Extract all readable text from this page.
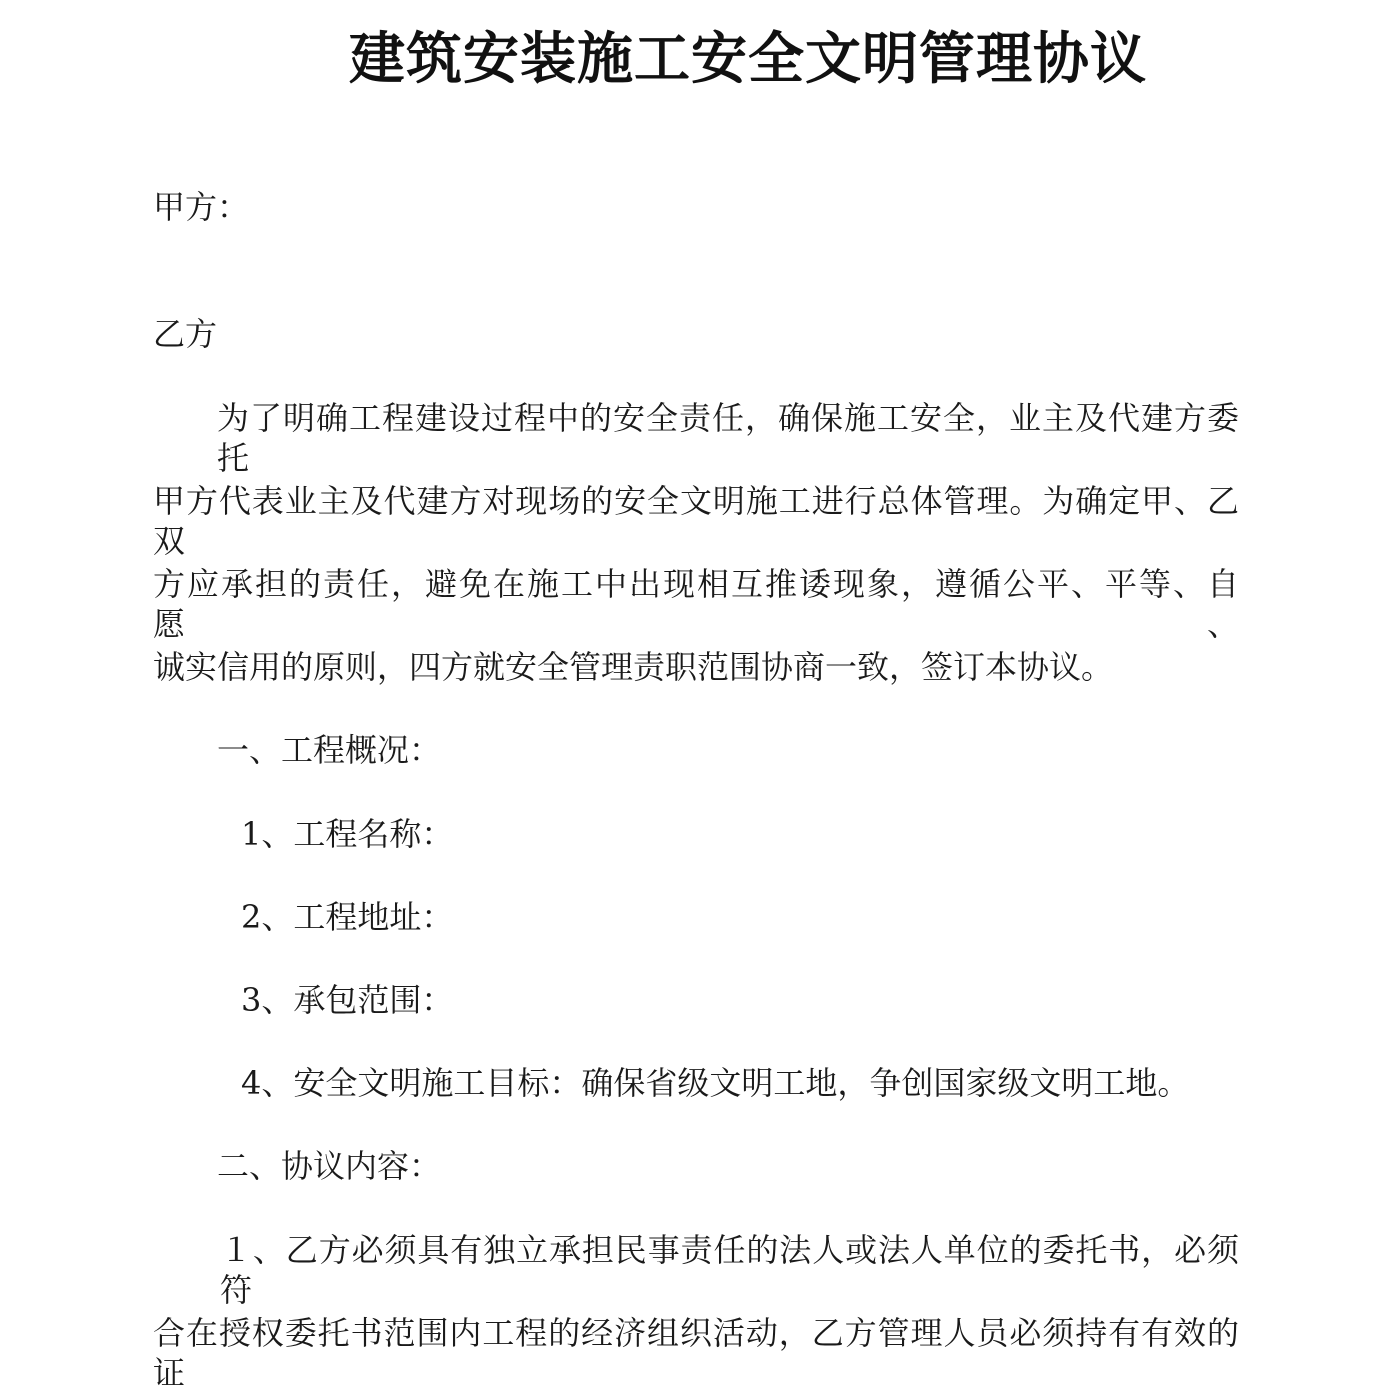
建筑安装施工安全文明管理协议

甲方：

乙方

为了明确工程建设过程中的安全责任，确保施工安全，业主及代建方委托

甲方代表业主及代建方对现场的安全文明施工进行总体管理。为确定甲、乙双

方应承担的责任，避免在施工中出现相互推诿现象，遵循公平、平等、自愿、

诚实信用的原则，四方就安全管理责职范围协商一致，签订本协议。

一、工程概况：

1、工程名称：

2、工程地址：

3、承包范围：

4、安全文明施工目标：确保省级文明工地，争创国家级文明工地。

二、协议内容：

１、乙方必须具有独立承担民事责任的法人或法人单位的委托书，必须符

合在授权委托书范围内工程的经济组织活动，乙方管理人员必须持有有效的证
